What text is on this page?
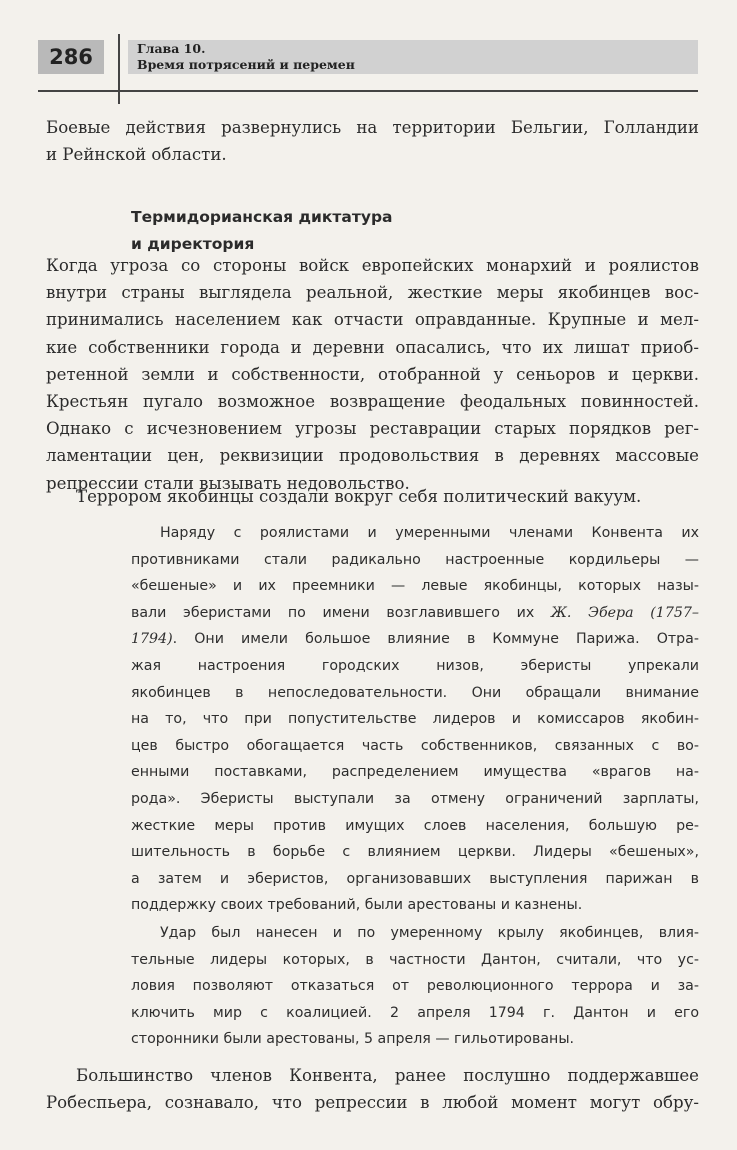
286	Глава 10.
Время потрясений и перемен

Боевые действия развернулись на территории Бельгии, Голландии
и Рейнской области.

Термидорианская диктатура
и директория

Когда угроза со стороны войск европейских монархий и роялистов
внутри страны выглядела реальной, жесткие меры якобинцев вос-
принимались населением как отчасти оправданные. Крупные и мел-
кие собственники города и деревни опасались, что их лишат приоб-
ретенной земли и собственности, отобранной у сеньоров и церкви.
Крестьян пугало возможное возвращение феодальных повинностей.
Однако с исчезновением угрозы реставрации старых порядков рег-
ламентации цен, реквизиции продовольствия в деревнях массовые
репрессии стали вызывать недовольство.

Террором якобинцы создали вокруг себя политический вакуум.

Наряду с роялистами и умеренными членами Конвента их
противниками стали радикально настроенные кордильеры —
«бешеные» и их преемники — левые якобинцы, которых назы-
вали эберистами по имени возглавившего их Ж. Эбера (1757–
1794). Они имели большое влияние в Коммуне Парижа. Отра-
жая настроения городских низов, эберисты упрекали
якобинцев в непоследовательности. Они обращали внимание
на то, что при попустительстве лидеров и комиссаров якобин-
цев быстро обогащается часть собственников, связанных с во-
енными поставками, распределением имущества «врагов на-
рода». Эберисты выступали за отмену ограничений зарплаты,
жесткие меры против имущих слоев населения, большую ре-
шительность в борьбе с влиянием церкви. Лидеры «бешеных»,
а затем и эберистов, организовавших выступления парижан в
поддержку своих требований, были арестованы и казнены.

Удар был нанесен и по умеренному крылу якобинцев, влия-
тельные лидеры которых, в частности Дантон, считали, что ус-
ловия позволяют отказаться от революционного террора и за-
ключить мир с коалицией. 2 апреля 1794 г. Дантон и его
сторонники были арестованы, 5 апреля — гильотированы.

Большинство членов Конвента, ранее послушно поддержавшее
Робеспьера, сознавало, что репрессии в любой момент могут обру-
